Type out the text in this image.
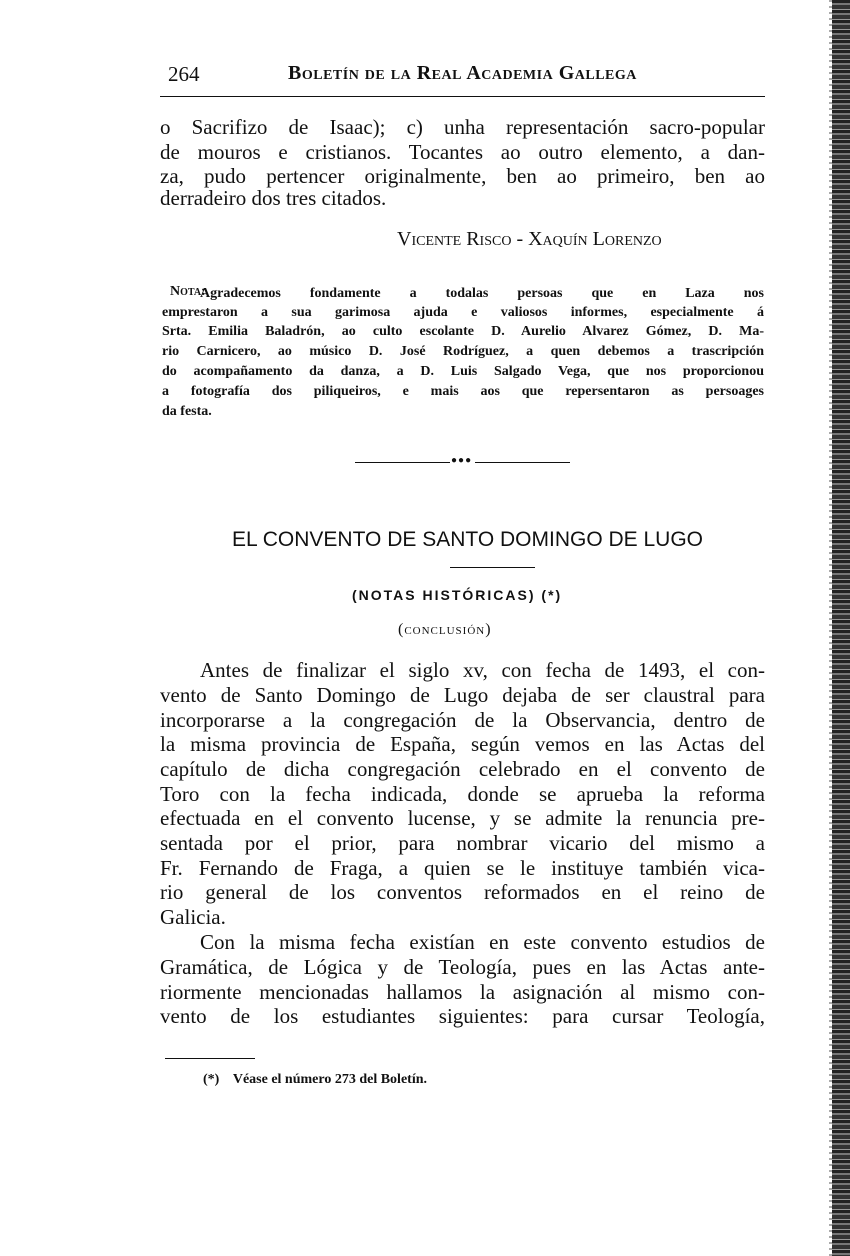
264	Boletín de la Real Academia Gallega
o Sacrifizo de Isaac); c) unha representación sacro-popular
de mouros e cristianos. Tocantes ao outro elemento, a dan-
za, pudo pertencer originalmente, ben ao primeiro, ben ao
derradeiro dos tres citados.
Vicente Risco - Xaquín Lorenzo
Agradecemos fondamente a todalas persoas que en Laza nos
Nota:
emprestaron a sua garimosa ajuda e valiosos informes, especialmente á
Srta. Emilia Baladrón, ao culto escolante D. Aurelio Alvarez Gómez, D. Ma-
rio Carnicero, ao músico D. José Rodríguez, a quen debemos a trascripción
do acompañamento da danza, a D. Luis Salgado Vega, que nos proporcionou
a fotografía dos piliqueiros, e mais aos que repersentaron as persoages
da festa.
●●●
EL CONVENTO DE SANTO DOMINGO DE LUGO
(NOTAS HISTÓRICAS) (*)
(conclusión)
Antes de finalizar el siglo xv, con fecha de 1493, el con-
vento de Santo Domingo de Lugo dejaba de ser claustral para
incorporarse a la congregación de la Observancia, dentro de
la misma provincia de España, según vemos en las Actas del
capítulo de dicha congregación celebrado en el convento de
Toro con la fecha indicada, donde se aprueba la reforma
efectuada en el convento lucense, y se admite la renuncia pre-
sentada por el prior, para nombrar vicario del mismo a
Fr. Fernando de Fraga, a quien se le instituye también vica-
rio general de los conventos reformados en el reino de
Galicia.
Con la misma fecha existían en este convento estudios de
Gramática, de Lógica y de Teología, pues en las Actas ante-
riormente mencionadas hallamos la asignación al mismo con-
vento de los estudiantes siguientes: para cursar Teología,
(*) Véase el número 273 del Boletín.
